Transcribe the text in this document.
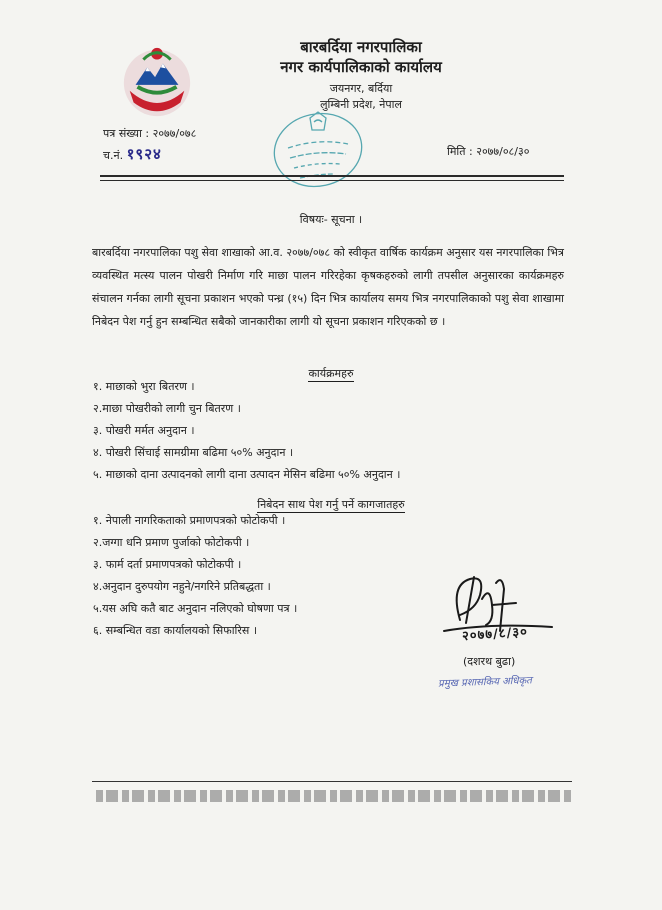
बारबर्दिया नगरपालिका
नगर कार्यपालिकाको कार्यालय
जयनगर, बर्दिया
लुम्बिनी प्रदेश, नेपाल
पत्र संख्या : २०७७/०७८
च.नं. १९२४	मिति : २०७७/०८/३०
विषयः- सूचना ।
बारबर्दिया नगरपालिका पशु सेवा शाखाको आ.व. २०७७/०७८ को स्वीकृत वार्षिक कार्यक्रम अनुसार यस नगरपालिका भित्र व्यवस्थित मत्स्य पालन पोखरी निर्माण गरि माछा पालन गरिरहेका कृषकहरुको लागी तपसील अनुसारका कार्यक्रमहरु संचालन गर्नका लागी सूचना प्रकाशन भएको पन्ध्र (१५) दिन भित्र कार्यालय समय भित्र नगरपालिकाको पशु सेवा शाखामा निबेदन पेश गर्नु हुन सम्बन्धित सबैको जानकारीका लागी यो सूचना प्रकाशन गरिएकको छ ।
कार्यक्रमहरु
१. माछाको भुरा बितरण ।
२.माछा पोखरीको लागी चुन बितरण ।
३. पोखरी मर्मत अनुदान ।
४. पोखरी सिंचाई सामग्रीमा बढिमा ५०% अनुदान ।
५. माछाको दाना उत्पादनको लागी दाना उत्पादन मेसिन बढिमा ५०% अनुदान ।
निबेदन साथ पेश गर्नु पर्ने कागजातहरु
१. नेपाली नागरिकताको प्रमाणपत्रको फोटोकपी ।
२.जग्गा धनि प्रमाण पुर्जाको फोटोकपी ।
३. फार्म दर्ता प्रमाणपत्रको फोटोकपी ।
४.अनुदान दुरुपयोग नहुने/नगरिने प्रतिबद्धता ।
५.यस अघि कतै बाट अनुदान नलिएको घोषणा पत्र ।
६. सम्बन्धित वडा कार्यालयको सिफारिस ।	२०७७/८/३०
(दशरथ बुढा)
प्रमुख प्रशासकिय अधिकृत
